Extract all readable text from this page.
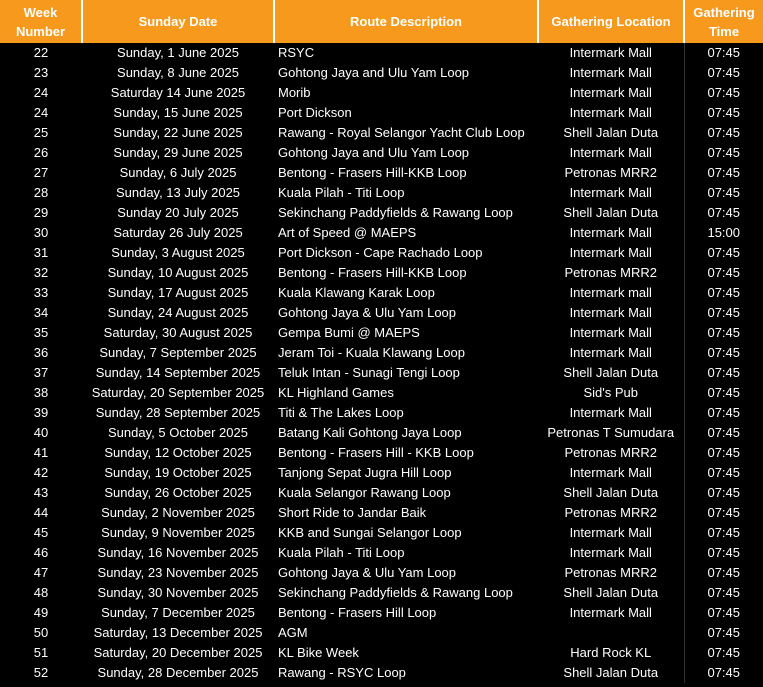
Week
Number	Sunday Date	Route Description	Gathering Location	Gathering
Time

22	Sunday, 1 June 2025	RSYC	Intermark Mall	07:45
23	Sunday, 8 June 2025	Gohtong Jaya and Ulu Yam Loop	Intermark Mall	07:45
24	Saturday 14 June 2025	Morib	Intermark Mall	07:45
24	Sunday, 15 June 2025	Port Dickson	Intermark Mall	07:45
25	Sunday, 22 June 2025	Rawang - Royal Selangor Yacht Club Loop	Shell Jalan Duta	07:45
26	Sunday, 29 June 2025	Gohtong Jaya and Ulu Yam Loop	Intermark Mall	07:45
27	Sunday, 6 July 2025	Bentong - Frasers Hill-KKB Loop	Petronas MRR2	07:45
28	Sunday, 13 July 2025	Kuala Pilah - Titi Loop	Intermark Mall	07:45
29	Sunday 20 July 2025	Sekinchang Paddyfields & Rawang Loop	Shell Jalan Duta	07:45
30	Saturday 26 July 2025	Art of Speed @ MAEPS	Intermark Mall	15:00
31	Sunday, 3 August 2025	Port Dickson - Cape Rachado Loop	Intermark Mall	07:45
32	Sunday, 10 August 2025	Bentong - Frasers Hill-KKB Loop	Petronas MRR2	07:45
33	Sunday, 17 August 2025	Kuala Klawang Karak Loop	Intermark mall	07:45
34	Sunday, 24 August 2025	Gohtong Jaya & Ulu Yam Loop	Intermark Mall	07:45
35	Saturday, 30 August 2025	Gempa Bumi @ MAEPS	Intermark Mall	07:45
36	Sunday, 7 September 2025	Jeram Toi - Kuala Klawang Loop	Intermark Mall	07:45
37	Sunday, 14 September 2025	Teluk Intan - Sunagi Tengi Loop	Shell Jalan Duta	07:45
38	Saturday, 20 September 2025	KL Highland Games	Sid's Pub	07:45
39	Sunday, 28 September 2025	Titi & The Lakes Loop	Intermark Mall	07:45
40	Sunday, 5 October 2025	Batang Kali Gohtong Jaya Loop	Petronas T Sumudara	07:45
41	Sunday, 12 October 2025	Bentong - Frasers Hill - KKB Loop	Petronas MRR2	07:45
42	Sunday, 19 October 2025	Tanjong Sepat Jugra Hill Loop	Intermark Mall	07:45
43	Sunday, 26 October 2025	Kuala Selangor Rawang Loop	Shell Jalan Duta	07:45
44	Sunday, 2 November 2025	Short Ride to Jandar Baik	Petronas MRR2	07:45
45	Sunday, 9 November 2025	KKB and Sungai Selangor Loop	Intermark Mall	07:45
46	Sunday, 16 November 2025	Kuala Pilah - Titi Loop	Intermark Mall	07:45
47	Sunday, 23 November 2025	Gohtong Jaya & Ulu Yam Loop	Petronas MRR2	07:45
48	Sunday, 30 November 2025	Sekinchang Paddyfields & Rawang Loop	Shell Jalan Duta	07:45
49	Sunday, 7 December 2025	Bentong - Frasers Hill Loop	Intermark Mall	07:45
50	Saturday, 13 December 2025	AGM		07:45
51	Saturday, 20 December 2025	KL Bike Week	Hard Rock KL	07:45
52	Sunday, 28 December 2025	Rawang - RSYC Loop	Shell Jalan Duta	07:45
